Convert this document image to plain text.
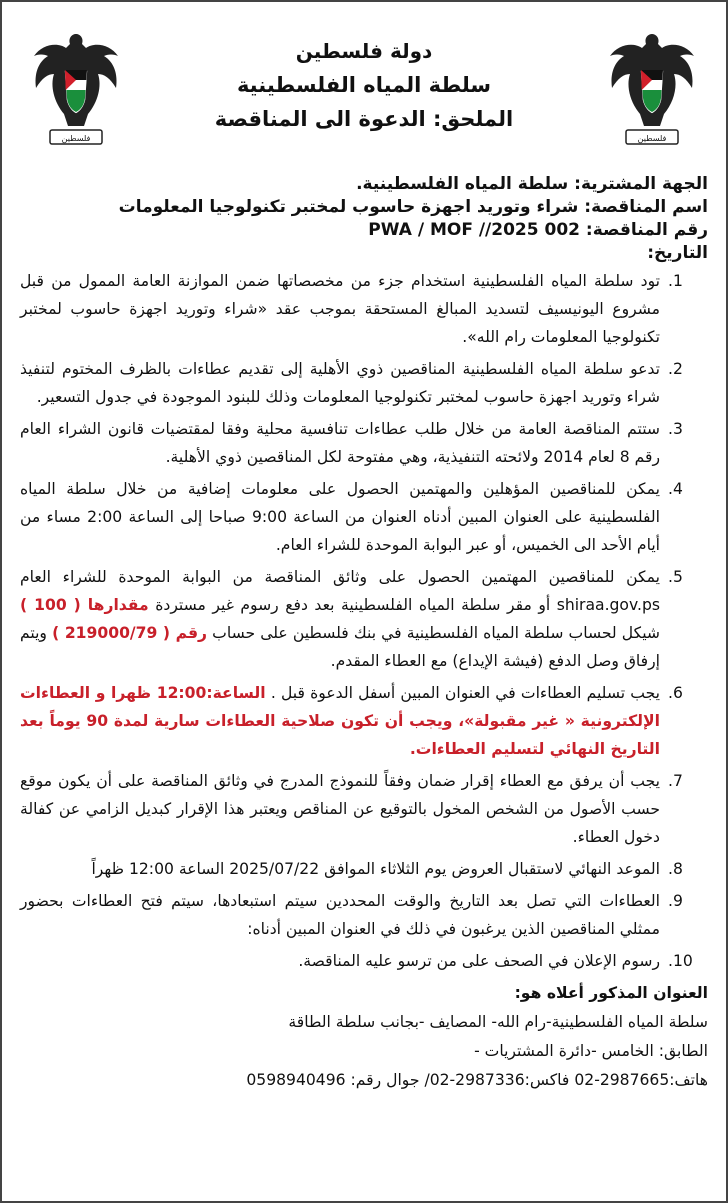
فلسطين
دولة فلسطين
سلطة المياه الفلسطينية
الملحق: الدعوة الى المناقصة
فلسطين
الجهة المشترية: سلطة المياه الفلسطينية.
اسم المناقصة: شراء وتوريد اجهزة حاسوب لمختبر تكنولوجيا المعلومات
رقم المناقصة: PWA / MOF //2025 002
التاريخ:
.1
تود سلطة المياه الفلسطينية استخدام جزء من مخصصاتها ضمن الموازنة العامة الممول من قبل مشروع اليونيسيف لتسديد المبالغ المستحقة بموجب عقد «شراء وتوريد اجهزة حاسوب لمختبر تكنولوجيا المعلومات رام الله».
.2
تدعو سلطة المياه الفلسطينية المناقصين ذوي الأهلية إلى تقديم عطاءات بالظرف المختوم لتنفيذ شراء وتوريد اجهزة حاسوب لمختبر تكنولوجيا المعلومات وذلك للبنود الموجودة في جدول التسعير.
.3
ستتم المناقصة العامة من خلال طلب عطاءات تنافسية محلية وفقا لمقتضيات قانون الشراء العام رقم 8 لعام 2014 ولائحته التنفيذية، وهي مفتوحة لكل المناقصين ذوي الأهلية.
.4
يمكن للمناقصين المؤهلين والمهتمين الحصول على معلومات إضافية من خلال سلطة المياه الفلسطينية على العنوان المبين أدناه العنوان من الساعة 9:00 صباحا إلى الساعة 2:00 مساء من أيام الأحد الى الخميس، أو عبر البوابة الموحدة للشراء العام.
.5
يمكن للمناقصين المهتمين الحصول على وثائق المناقصة من البوابة الموحدة للشراء العام shiraa.gov.ps أو مقر سلطة المياه الفلسطينية بعد دفع رسوم غير مستردة مقدارها ( 100 ) شيكل لحساب سلطة المياه الفلسطينية في بنك فلسطين على حساب رقم ( 219000/79 ) ويتم إرفاق وصل الدفع (فيشة الإيداع) مع العطاء المقدم.
.6
يجب تسليم العطاءات في العنوان المبين أسفل الدعوة قبل . الساعة:12:00 ظهرا و العطاءات الإلكترونية « غير مقبولة»، ويجب أن تكون صلاحية العطاءات سارية لمدة 90 يوماً بعد التاريخ النهائي لتسليم العطاءات.
.7
يجب أن يرفق مع العطاء إقرار ضمان وفقاً للنموذج المدرج في وثائق المناقصة على أن يكون موقع حسب الأصول من الشخص المخول بالتوقيع عن المناقص ويعتبر هذا الإقرار كبديل الزامي عن كفالة دخول العطاء.
.8
الموعد النهائي لاستقبال العروض يوم الثلاثاء الموافق 2025/07/22 الساعة 12:00 ظهراً
.9
العطاءات التي تصل بعد التاريخ والوقت المحددين سيتم استبعادها، سيتم فتح العطاءات بحضور ممثلي المناقصين الذين يرغبون في ذلك في العنوان المبين أدناه:
.10
رسوم الإعلان في الصحف على من ترسو عليه المناقصة.
العنوان المذكور أعلاه هو:
سلطة المياه الفلسطينية-رام الله- المصايف -بجانب سلطة الطاقة
الطابق: الخامس -دائرة المشتريات -
هاتف:02-2987665 فاكس:02-2987336/ جوال رقم: 0598940496
